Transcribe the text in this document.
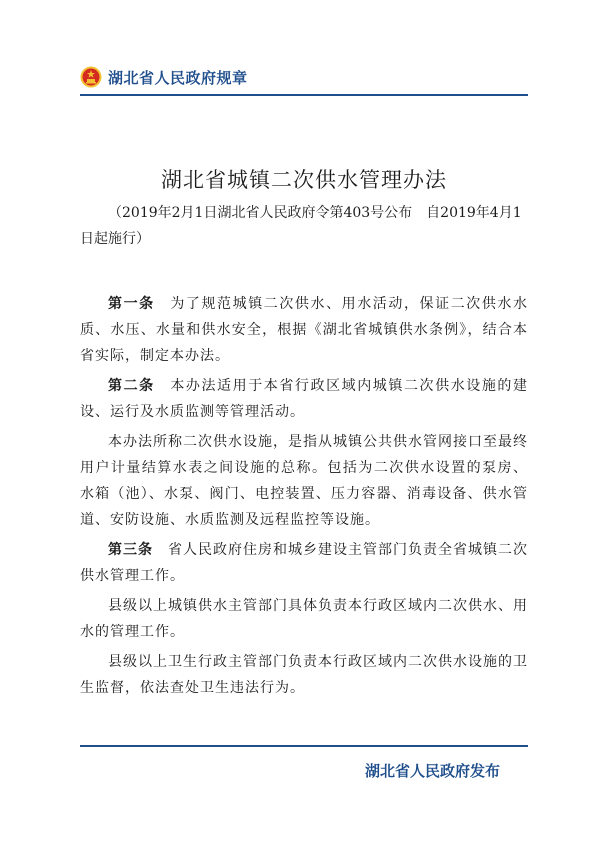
湖北省人民政府规章
湖北省城镇二次供水管理办法
（2019年2月1日湖北省人民政府令第403号公布　自2019年4月1日起施行）

第一条　 为了规范城镇二次供水、用水活动，保证二次供水水质、水压、水量和供水安全，根据《湖北省城镇供水条例》，结合本省实际，制定本办法。

第二条　 本办法适用于本省行政区域内城镇二次供水设施的建设、运行及水质监测等管理活动。

本办法所称二次供水设施，是指从城镇公共供水管网接口至最终用户计量结算水表之间设施的总称。包括为二次供水设置的泵房、水箱（池）、水泵、阀门、电控装置、压力容器、消毒设备、供水管道、安防设施、水质监测及远程监控等设施。

第三条　 省人民政府住房和城乡建设主管部门负责全省城镇二次供水管理工作。

县级以上城镇供水主管部门具体负责本行政区域内二次供水、用水的管理工作。

县级以上卫生行政主管部门负责本行政区域内二次供水设施的卫生监督，依法查处卫生违法行为。

湖北省人民政府发布
